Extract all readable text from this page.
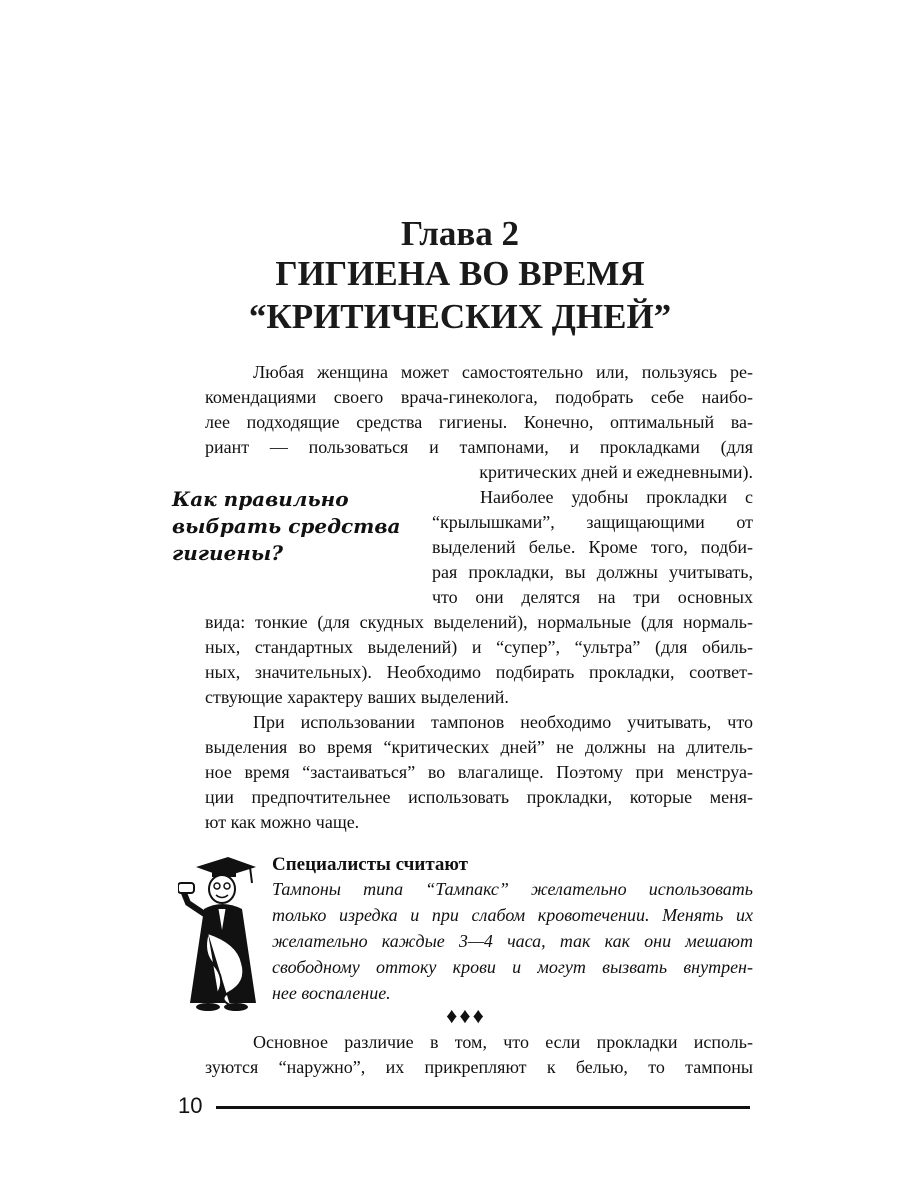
Глава 2
ГИГИЕНА ВО ВРЕМЯ
“КРИТИЧЕСКИХ ДНЕЙ”
Любая женщина может самостоятельно или, пользуясь ре-
комендациями своего врача-гинеколога, подобрать себе наибо-
лее подходящие средства гигиены. Конечно, оптимальный ва-
риант — пользоваться и тампонами, и прокладками (для
критических дней и ежедневными).
Как правильно
выбрать средства
гигиены?
Наиболее удобны прокладки с
“крылышками”, защищающими от
выделений белье. Кроме того, подби-
рая прокладки, вы должны учитывать,
что они делятся на три основных
вида: тонкие (для скудных выделений), нормальные (для нормаль-
ных, стандартных выделений) и “супер”, “ультра” (для обиль-
ных, значительных). Необходимо подбирать прокладки, соответ-
ствующие характеру ваших выделений.
При использовании тампонов необходимо учитывать, что
выделения во время “критических дней” не должны на длитель-
ное время “застаиваться” во влагалище. Поэтому при менструа-
ции предпочтительнее использовать прокладки, которые меня-
ют как можно чаще.
Специалисты считают
Тампоны типа “Тампакс” желательно использовать
только изредка и при слабом кровотечении. Менять их
желательно каждые 3—4 часа, так как они мешают
свободному оттоку крови и могут вызвать внутрен-
нее воспаление.
♦♦♦
Основное различие в том, что если прокладки исполь-
зуются “наружно”, их прикрепляют к белью, то тампоны
10
